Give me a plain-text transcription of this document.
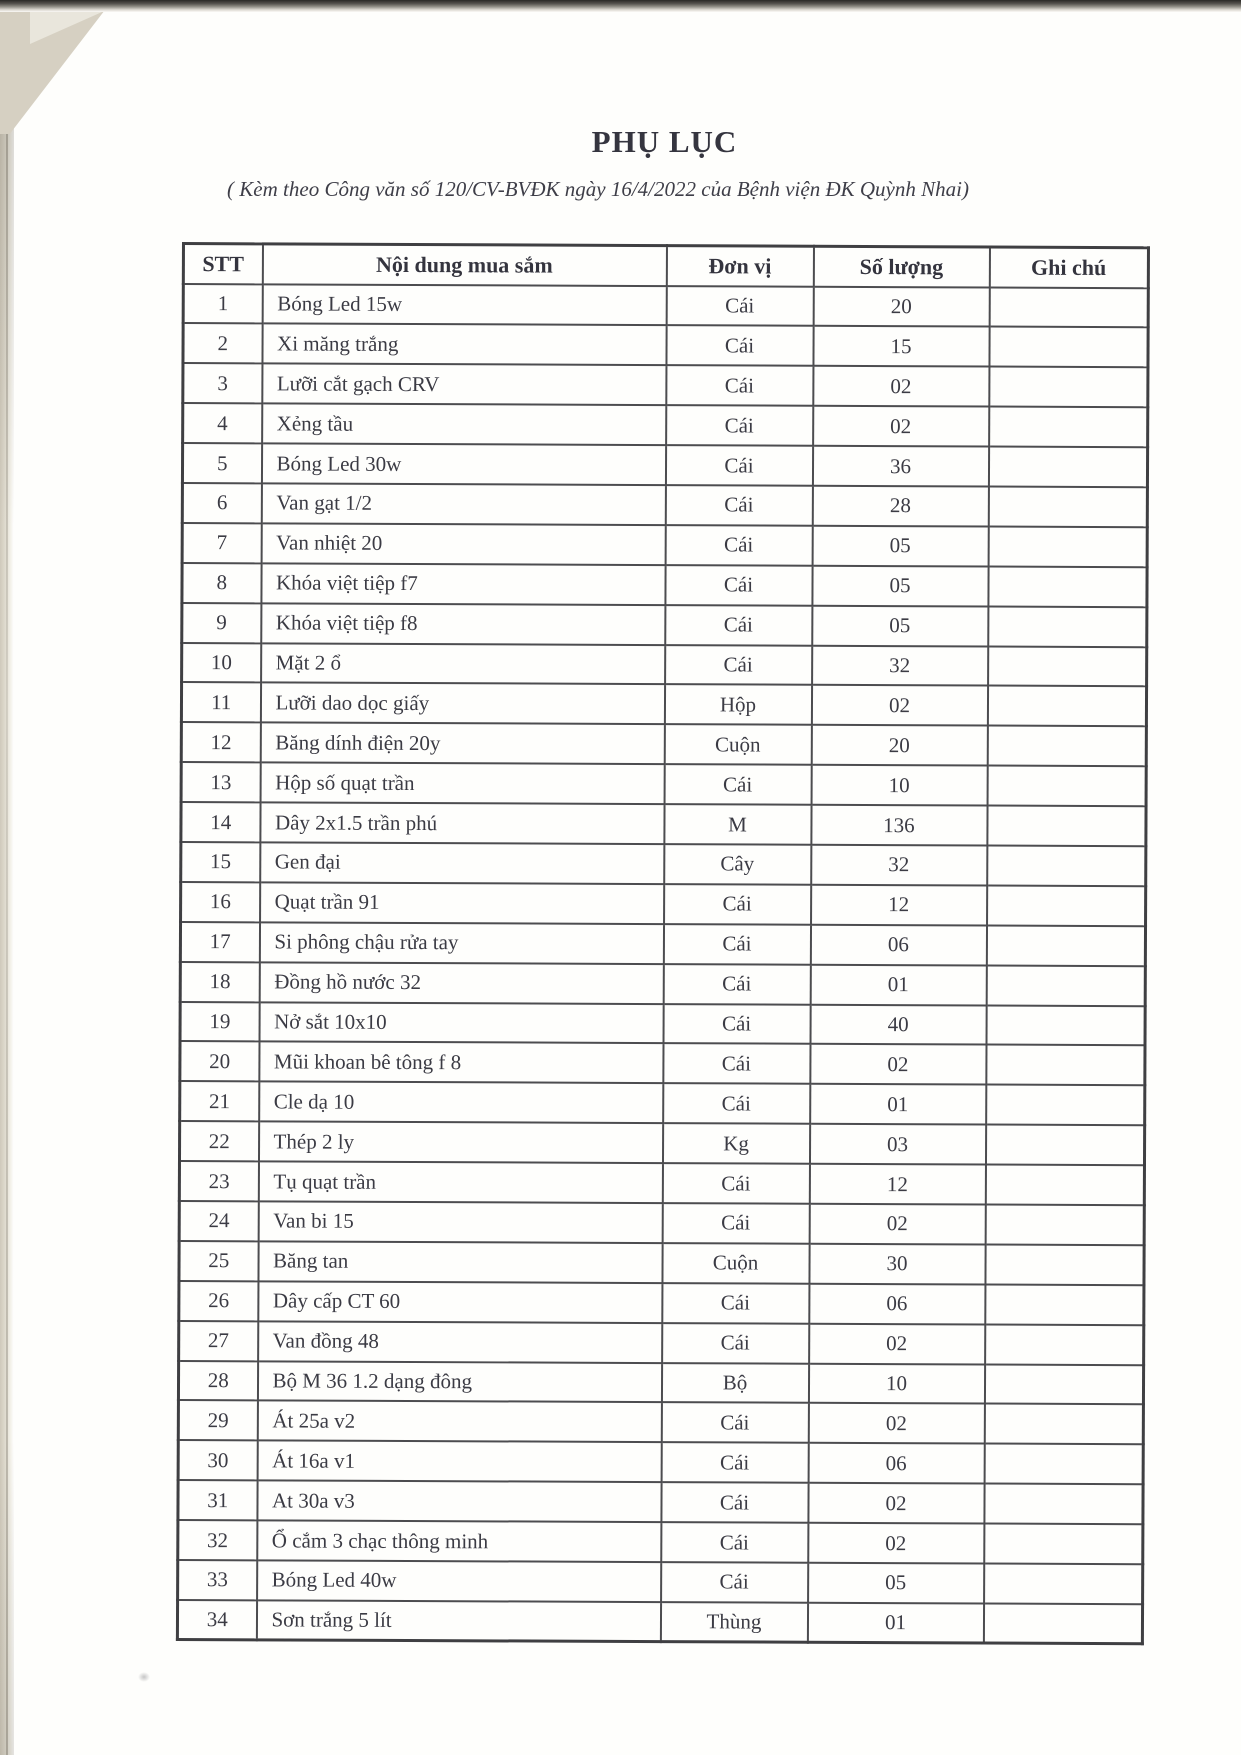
PHỤ LỤC
( Kèm theo Công văn số 120/CV-BVĐK ngày 16/4/2022 của Bệnh viện ĐK Quỳnh Nhai)
STT	Nội dung mua sắm	Đơn vị	Số lượng	Ghi chú
1	Bóng Led 15w	Cái	20	
2	Xi măng trắng	Cái	15	
3	Lưỡi cắt gạch CRV	Cái	02	
4	Xẻng tầu	Cái	02	
5	Bóng Led 30w	Cái	36	
6	Van gạt 1/2	Cái	28	
7	Van nhiệt 20	Cái	05	
8	Khóa việt tiệp f7	Cái	05	
9	Khóa việt tiệp f8	Cái	05	
10	Mặt 2 ổ	Cái	32	
11	Lưỡi dao dọc giấy	Hộp	02	
12	Băng dính điện 20y	Cuộn	20	
13	Hộp số quạt trần	Cái	10	
14	Dây 2x1.5 trần phú	M	136	
15	Gen đại	Cây	32	
16	Quạt trần 91	Cái	12	
17	Si phông chậu rửa tay	Cái	06	
18	Đồng hồ nước 32	Cái	01	
19	Nở sắt 10x10	Cái	40	
20	Mũi khoan bê tông f 8	Cái	02	
21	Cle dạ 10	Cái	01	
22	Thép 2 ly	Kg	03	
23	Tụ quạt trần	Cái	12	
24	Van bi 15	Cái	02	
25	Băng tan	Cuộn	30	
26	Dây cấp CT 60	Cái	06	
27	Van đồng 48	Cái	02	
28	Bộ M 36 1.2 dạng đông	Bộ	10	
29	Át 25a v2	Cái	02	
30	Át 16a v1	Cái	06	
31	At 30a v3	Cái	02	
32	Ổ cắm 3 chạc thông minh	Cái	02	
33	Bóng Led 40w	Cái	05	
34	Sơn trắng 5 lít	Thùng	01	
